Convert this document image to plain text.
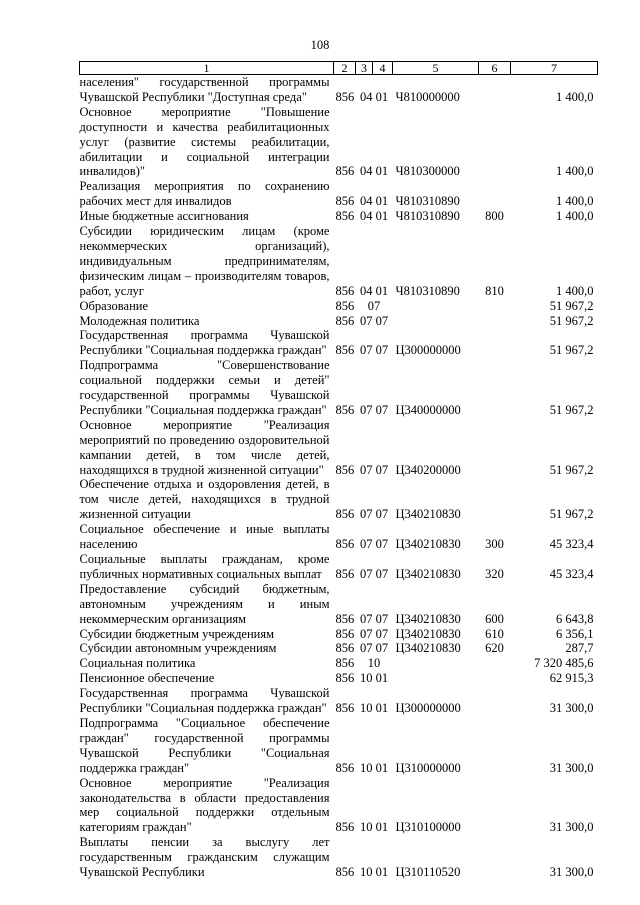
108
1	2	3	4	5	6	7

населения" государственной программы Чувашской Республики "Доступная среда"	856	04 01		Ч810000000		1 400,0

Основное мероприятие "Повышение доступности и качества реабилитационных услуг (развитие системы реабилитации, абилитации и социальной интеграции инвалидов)"	856	04 01		Ч810300000		1 400,0

Реализация мероприятия по сохранению рабочих мест для инвалидов	856	04 01		Ч810310890		1 400,0

Иные бюджетные ассигнования	856	04 01		Ч810310890	800	1 400,0

Субсидии юридическим лицам (кроме некоммерческих организаций), индивидуальным предпринимателям, физическим лицам – производителям товаров, работ, услуг	856	04 01		Ч810310890	810	1 400,0

Образование	856	07				51 967,2

Молодежная политика	856	07 07				51 967,2

Государственная программа Чувашской Республики "Социальная поддержка граждан"	856	07 07		Ц300000000		51 967,2

Подпрограмма "Совершенствование социальной поддержки семьи и детей" государственной программы Чувашской Республики "Социальная поддержка граждан"	856	07 07		Ц340000000		51 967,2

Основное мероприятие "Реализация мероприятий по проведению оздоровительной кампании детей, в том числе детей, находящихся в трудной жизненной ситуации"	856	07 07		Ц340200000		51 967,2

Обеспечение отдыха и оздоровления детей, в том числе детей, находящихся в трудной жизненной ситуации	856	07 07		Ц340210830		51 967,2

Социальное обеспечение и иные выплаты населению	856	07 07		Ц340210830	300	45 323,4

Социальные выплаты гражданам, кроме публичных нормативных социальных выплат	856	07 07		Ц340210830	320	45 323,4

Предоставление субсидий бюджетным, автономным учреждениям и иным некоммерческим организациям	856	07 07		Ц340210830	600	6 643,8

Субсидии бюджетным учреждениям	856	07 07		Ц340210830	610	6 356,1

Субсидии автономным учреждениям	856	07 07		Ц340210830	620	287,7

Социальная политика	856	10				7 320 485,6

Пенсионное обеспечение	856	10 01				62 915,3

Государственная программа Чувашской Республики "Социальная поддержка граждан"	856	10 01		Ц300000000		31 300,0

Подпрограмма "Социальное обеспечение граждан" государственной программы Чувашской Республики "Социальная поддержка граждан"	856	10 01		Ц310000000		31 300,0

Основное мероприятие "Реализация законодательства в области предоставления мер социальной поддержки отдельным категориям граждан"	856	10 01		Ц310100000		31 300,0

Выплаты пенсии за выслугу лет государственным гражданским служащим Чувашской Республики	856	10 01		Ц310110520		31 300,0
